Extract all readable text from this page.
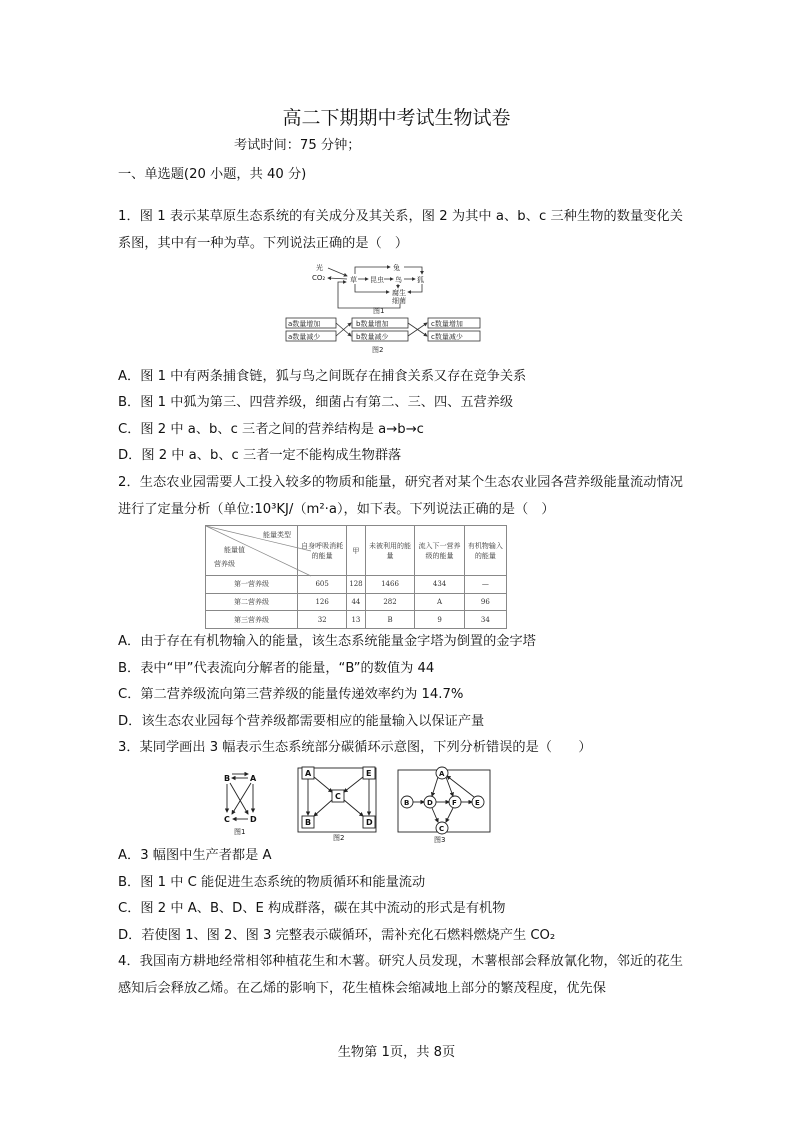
高二下期期中考试生物试卷
考试时间：75 分钟；
一、单选题(20 小题，共 40 分)
1．图 1 表示某草原生态系统的有关成分及其关系，图 2 为其中 a、b、c 三种生物的数量变化关系图，其中有一种为草。下列说法正确的是（　）
光
CO₂	草 昆虫 鸟
兔
狐
腐生
细菌
图1
a数量增加
a数量减少
b数量增加
b数量减少
c数量增加
c数量减少
图2
A．图 1 中有两条捕食链，狐与鸟之间既存在捕食关系又存在竞争关系
B．图 1 中狐为第三、四营养级，细菌占有第二、三、四、五营养级
C．图 2 中 a、b、c 三者之间的营养结构是 a→b→c
D．图 2 中 a、b、c 三者一定不能构成生物群落
2．生态农业园需要人工投入较多的物质和能量，研究者对某个生态农业园各营养级能量流动情况进行了定量分析（单位:10³KJ/（m²·a），如下表。下列说法正确的是（　）
能量类型
能量值
营养级	自身呼吸消耗的能量	甲	未被利用的能量	流入下一营养级的能量	有机物输入的能量
第一营养级	605	128	1466	434	—
第二营养级	126	44	282	A	96
第三营养级	32	13	B	9	34
A．由于存在有机物输入的能量，该生态系统能量金字塔为倒置的金字塔
B．表中“甲”代表流向分解者的能量，“B”的数值为 44
C．第二营养级流向第三营养级的能量传递效率约为 14.7%
D．该生态农业园每个营养级都需要相应的能量输入以保证产量
3．某同学画出 3 幅表示生态系统部分碳循环示意图，下列分析错误的是（　　）
B A
C	D
图1
A	E
C
B	D
图2
A
B	D	F	E
C
图3
A．3 幅图中生产者都是 A
B．图 1 中 C 能促进生态系统的物质循环和能量流动
C．图 2 中 A、B、D、E 构成群落，碳在其中流动的形式是有机物
D．若使图 1、图 2、图 3 完整表示碳循环，需补充化石燃料燃烧产生 CO₂
4．我国南方耕地经常相邻种植花生和木薯。研究人员发现，木薯根部会释放氰化物，邻近的花生感知后会释放乙烯。在乙烯的影响下，花生植株会缩减地上部分的繁茂程度，优先保
生物第 1页，共 8页
